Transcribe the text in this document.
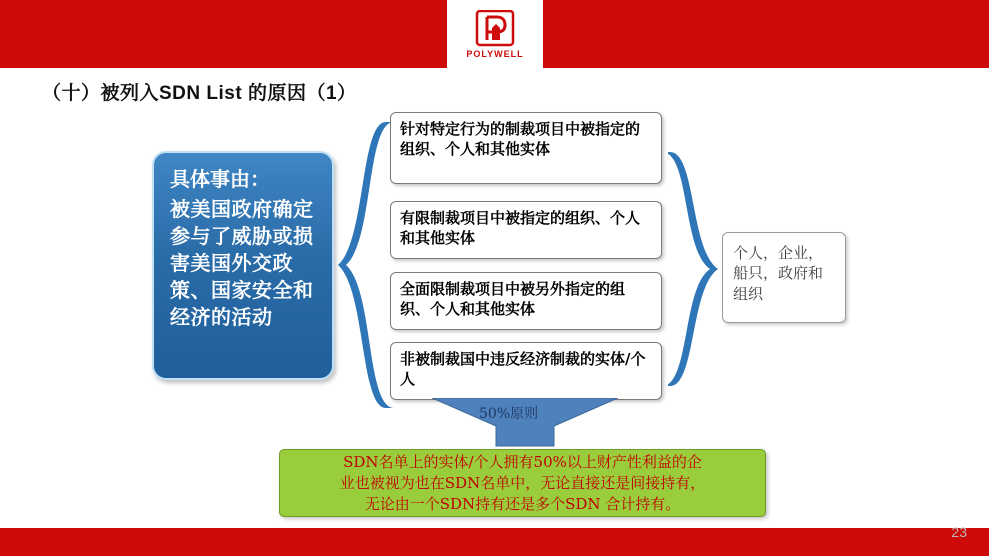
POLYWELL
（十）被列入SDN List 的原因（1）
具体事由：
被美国政府确定参与了威胁或损害美国外交政策、国家安全和经济的活动
针对特定行为的制裁项目中被指定的组织、个人和其他实体
有限制裁项目中被指定的组织、个人和其他实体
全面限制裁项目中被另外指定的组织、个人和其他实体
非被制裁国中违反经济制裁的实体/个人
个人，企业，船只，政府和组织
50%原则

SDN名单上的实体/个人拥有50%以上财产性利益的企
业也被视为也在SDN名单中，无论直接还是间接持有，
无论由一个SDN持有还是多个SDN 合计持有。

23
